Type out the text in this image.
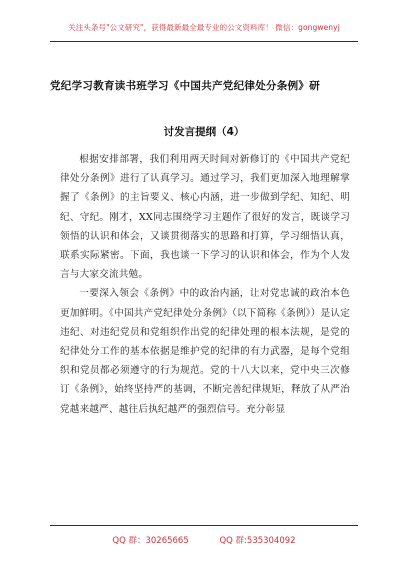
关注头条号"公文研究"，获得最新最全最专业的公文资料库！ 微信：gongwenyj
党纪学习教育读书班学习《中国共产党纪律处分条例》研
讨发言提纲（4）

根据安排部署，我们利用两天时间对新修订的《中国共产党纪律处分条例》进行了认真学习。通过学习，我们更加深入地理解掌握了《条例》的主旨要义、核心内涵，进一步做到学纪、知纪、明纪、守纪。刚才，XX同志围绕学习主题作了很好的发言，既谈学习领悟的认识和体会，又谈贯彻落实的思路和打算，学习细悟认真，联系实际紧密。下面，我也谈一下学习的认识和体会，作为个人发言与大家交流共勉。

一要深入领会《条例》中的政治内涵，让对党忠诚的政治本色更加鲜明。《中国共产党纪律处分条例》（以下简称《条例》）是认定违纪、对违纪党员和党组织作出党的纪律处理的根本法规，是党的纪律处分工作的基本依据是维护党的纪律的有力武器，是每个党组织和党员都必须遵守的行为规范。党的十八大以来，党中央三次修订《条例》，始终坚持严的基调，不断完善纪律规矩，释放了从严治党越来越严、越往后执纪越严的强烈信号。充分彰显

QQ 群：30265665	QQ 群:535304092
